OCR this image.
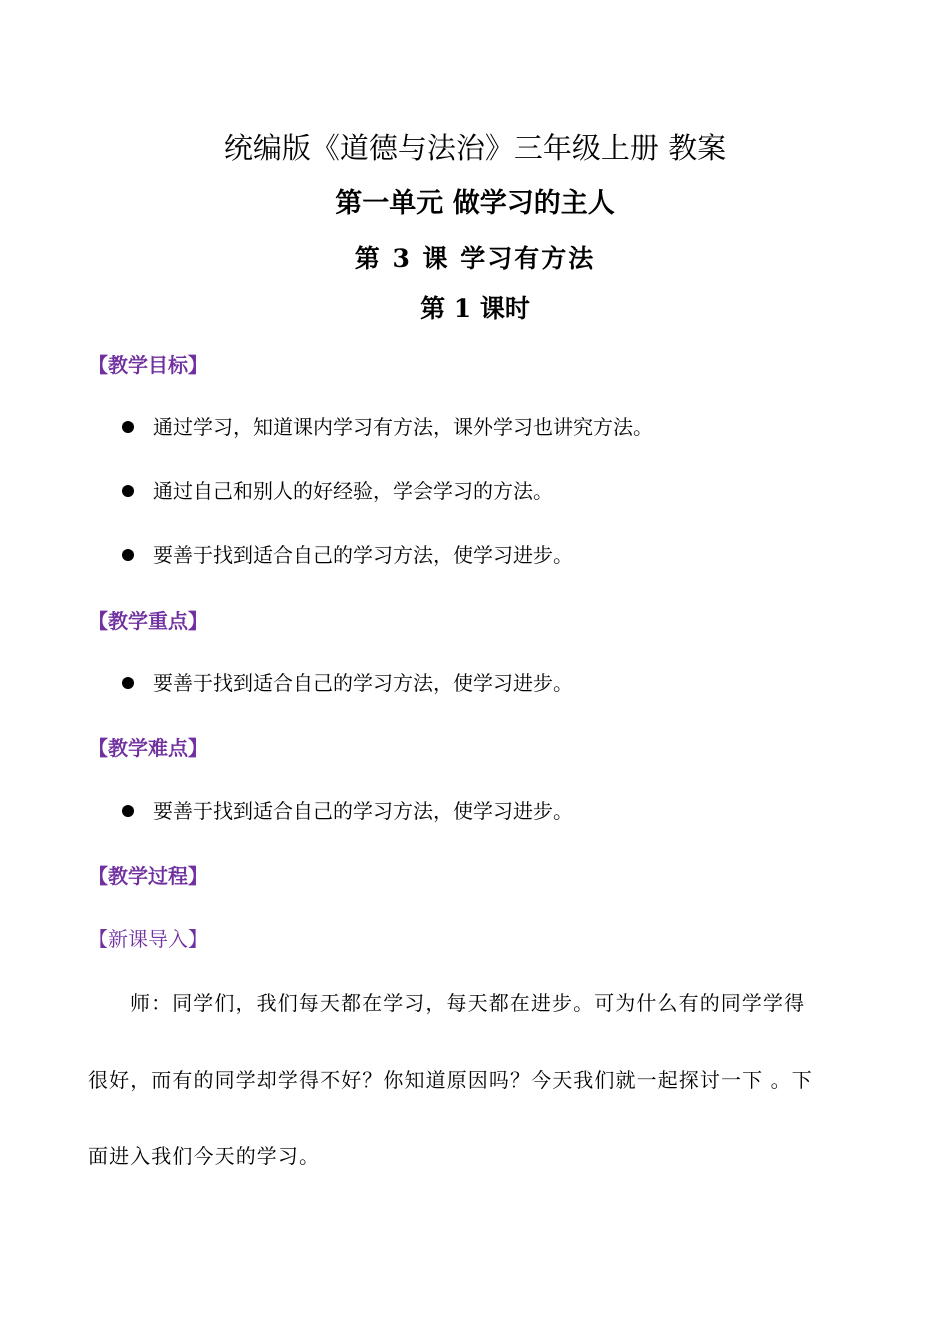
统编版《道德与法治》三年级上册 教案
第一单元 做学习的主人
第 3 课 学习有方法
第 1 课时
【教学目标】
通过学习，知道课内学习有方法，课外学习也讲究方法。
通过自己和别人的好经验，学会学习的方法。
要善于找到适合自己的学习方法，使学习进步。
【教学重点】
要善于找到适合自己的学习方法，使学习进步。
【教学难点】
要善于找到适合自己的学习方法，使学习进步。
【教学过程】
【新课导入】
师：同学们，我们每天都在学习，每天都在进步。可为什么有的同学学得
很好，而有的同学却学得不好？你知道原因吗？今天我们就一起探讨一下 。下
面进入我们今天的学习。
